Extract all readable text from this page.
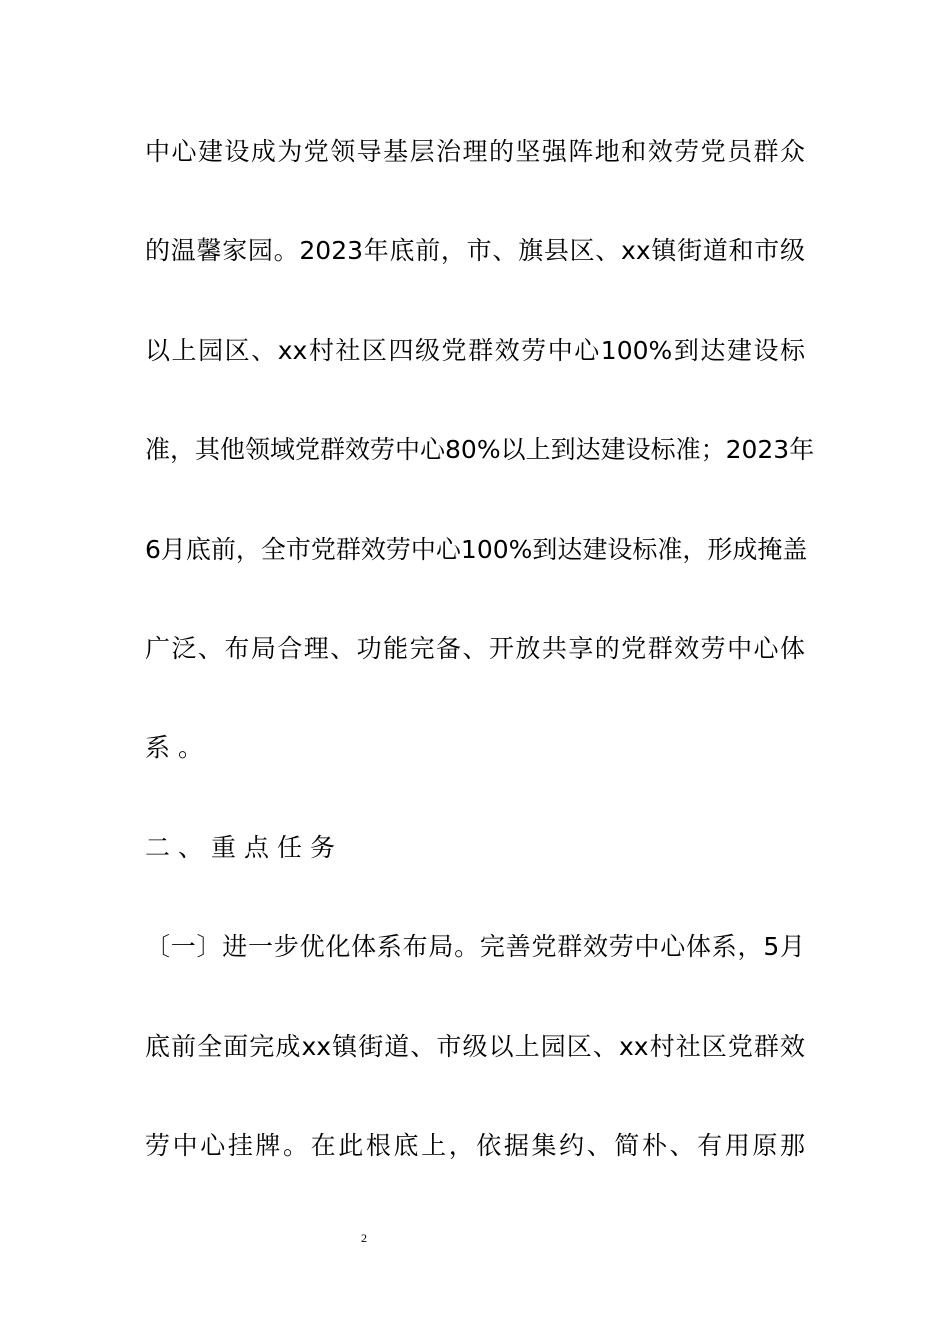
中心建设成为党领导基层治理的坚强阵地和效劳党员群众
的温馨家园。2023年底前，市、旗县区、xx镇街道和市级
以上园区、xx村社区四级党群效劳中心100%到达建设标
准，其他领域党群效劳中心80%以上到达建设标准；2023年
6月底前，全市党群效劳中心100%到达建设标准，形成掩盖
广泛、布局合理、功能完备、开放共享的党群效劳中心体
系。
二、重点任务
〔一〕进一步优化体系布局。完善党群效劳中心体系，5月
底前全面完成xx镇街道、市级以上园区、xx村社区党群效
劳中心挂牌。在此根底上，依据集约、简朴、有用原那
2
